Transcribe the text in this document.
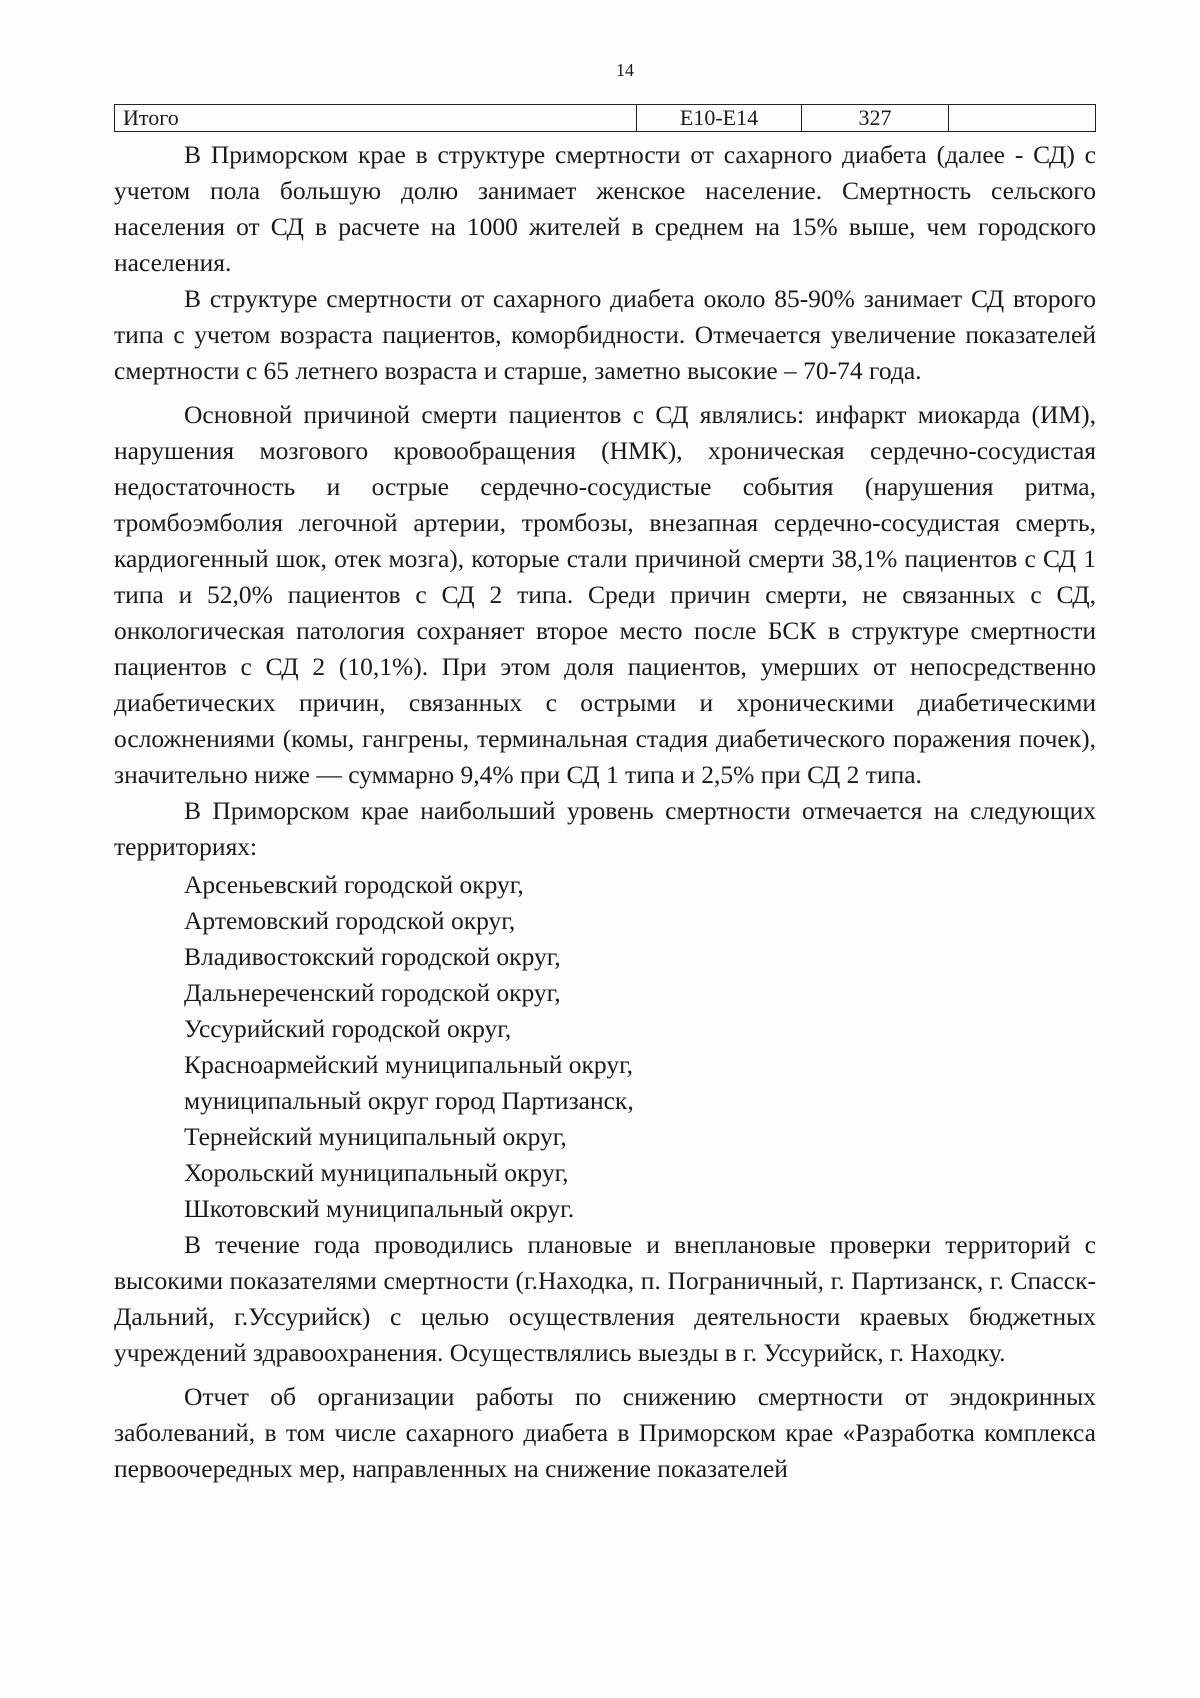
14
Итого	E10-E14	327	

В Приморском крае в структуре смертности от сахарного диабета (далее - СД) с учетом пола большую долю занимает женское население. Смертность сельского населения от СД в расчете на 1000 жителей в среднем на 15% выше, чем городского населения.

В структуре смертности от сахарного диабета около 85-90% занимает СД второго типа с учетом возраста пациентов, коморбидности. Отмечается увеличение показателей смертности с 65 летнего возраста и старше, заметно высокие – 70-74 года.

Основной причиной смерти пациентов с СД являлись: инфаркт миокарда (ИМ), нарушения мозгового кровообращения (НМК), хроническая сердечно-сосудистая недостаточность и острые сердечно-сосудистые события (нарушения ритма, тромбоэмболия легочной артерии, тромбозы, внезапная сердечно-сосудистая смерть, кардиогенный шок, отек мозга), которые стали причиной смерти 38,1% пациентов с СД 1 типа и 52,0% пациентов с СД 2 типа. Среди причин смерти, не связанных с СД, онкологическая патология сохраняет второе место после БСК в структуре смертности пациентов с СД 2 (10,1%). При этом доля пациентов, умерших от непосредственно диабетических причин, связанных с острыми и хроническими диабетическими осложнениями (комы, гангрены, терминальная стадия диабетического поражения почек), значительно ниже — суммарно 9,4% при СД 1 типа и 2,5% при СД 2 типа.

В Приморском крае наибольший уровень смертности отмечается на следующих территориях:

Арсеньевский городской округ,
Артемовский городской округ,
Владивостокский городской округ,
Дальнереченский городской округ,
Уссурийский городской округ,
Красноармейский муниципальный округ,
муниципальный округ город Партизанск,
Тернейский муниципальный округ,
Хорольский муниципальный округ,
Шкотовский муниципальный округ.

В течение года проводились плановые и внеплановые проверки территорий с высокими показателями смертности (г.Находка, п. Пограничный, г. Партизанск, г. Спасск-Дальний, г.Уссурийск) с целью осуществления деятельности краевых бюджетных учреждений здравоохранения. Осуществлялись выезды в г. Уссурийск, г. Находку.

Отчет об организации работы по снижению смертности от эндокринных заболеваний, в том числе сахарного диабета в Приморском крае «Разработка комплекса первоочередных мер, направленных на снижение показателей
